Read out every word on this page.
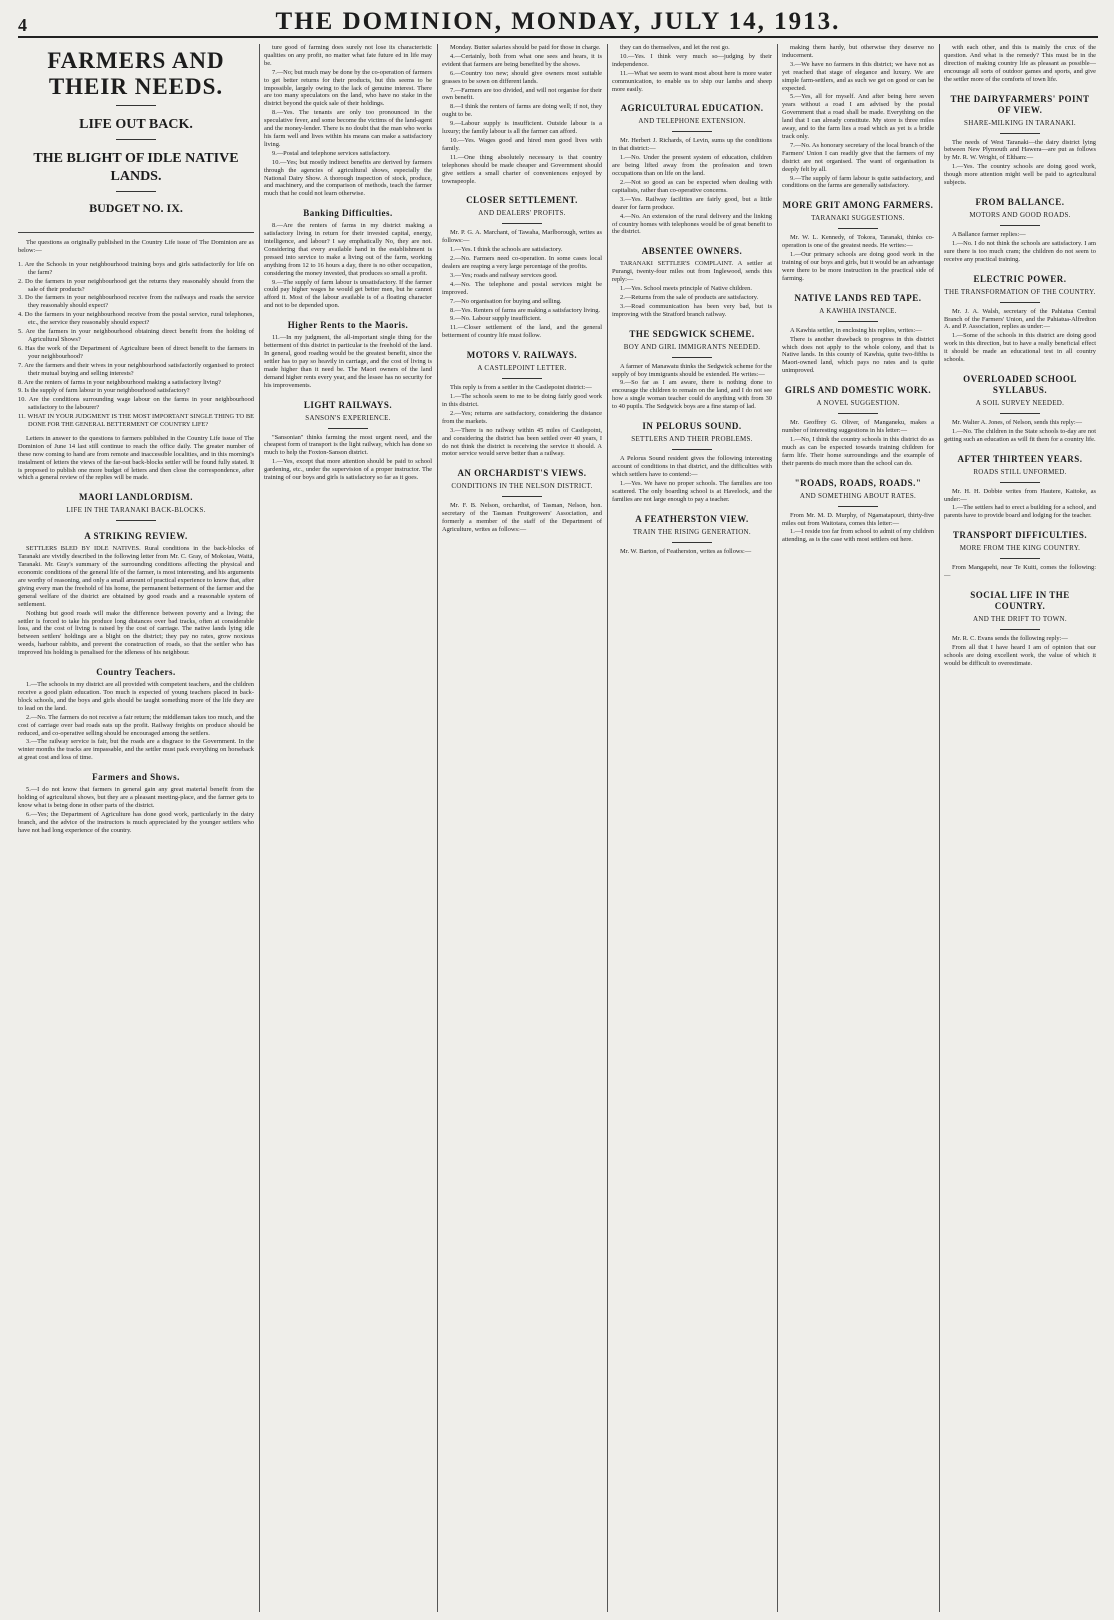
4	THE DOMINION, MONDAY, JULY 14, 1913.
FARMERS AND THEIR NEEDS.
LIFE OUT BACK.
THE BLIGHT OF IDLE NATIVE LANDS.
BUDGET NO. IX.

The questions as originally published in the Country Life issue of The Dominion are as below:—

1. Are the Schools in your neighbourhood training boys and girls satisfactorily for life on the farm?
2. Do the farmers in your neighbourhood get the returns they reasonably should from the sale of their products?
3. Do the farmers in your neighbourhood receive from the railways and roads the service they reasonably should expect?
4. Do the farmers in your neighbourhood receive from the postal service, rural telephones, etc., the service they reasonably should expect?
5. Are the farmers in your neighbourhood obtaining direct benefit from the holding of Agricultural Shows?
6. Has the work of the Department of Agriculture been of direct benefit to the farmers in your neighbourhood?
7. Are the farmers and their wives in your neighbourhood satisfactorily organised to protect their mutual buying and selling interests?
8. Are the renters of farms in your neighbourhood making a satisfactory living?
9. Is the supply of farm labour in your neighbourhood satisfactory?
10. Are the conditions surrounding wage labour on the farms in your neighbourhood satisfactory to the labourer?
11. WHAT IN YOUR JUDGMENT IS THE MOST IMPORTANT SINGLE THING TO BE DONE FOR THE GENERAL BETTERMENT OF COUNTRY LIFE?

Letters in answer to the questions to farmers published in the Country Life issue of The Dominion of June 14 last still continue to reach the office daily. The greater number of these now coming to hand are from remote and inaccessible localities, and in this morning's instalment of letters the views of the far-out back-blocks settler will be found fully stated. It is proposed to publish one more budget of letters and then close the correspondence, after which a general review of the replies will be made.

MAORI LANDLORDISM.
LIFE IN THE TARANAKI BACK-BLOCKS.
A STRIKING REVIEW.

SETTLERS BLED BY IDLE NATIVES. Rural conditions in the back-blocks of Taranaki are vividly described in the following letter from Mr. C. Gray, of Mokoiau, Waitā, Taranaki. Mr. Gray's summary of the surrounding conditions affecting the physical and economic conditions of the general life of the farmer, is most interesting, and his arguments are worthy of reasoning, and only a small amount of practical experience to know that, after giving every man the freehold of his home, the permanent betterment of the farmer and the general welfare of the district are obtained by good roads and a reasonable system of settlement.

Nothing but good roads will make the difference between poverty and a living; the settler is forced to take his produce long distances over bad tracks, often at considerable loss, and the cost of living is raised by the cost of carriage. The native lands lying idle between settlers' holdings are a blight on the district; they pay no rates, grow noxious weeds, harbour rabbits, and prevent the construction of roads, so that the settler who has improved his holding is penalised for the idleness of his neighbour.

Country Teachers.

1.—The schools in my district are all provided with competent teachers, and the children receive a good plain education. Too much is expected of young teachers placed in back-block schools, and the boys and girls should be taught something more of the life they are to lead on the land.

2.—No. The farmers do not receive a fair return; the middleman takes too much, and the cost of carriage over bad roads eats up the profit. Railway freights on produce should be reduced, and co-operative selling should be encouraged among the settlers.

3.—The railway service is fair, but the roads are a disgrace to the Government. In the winter months the tracks are impassable, and the settler must pack everything on horseback at great cost and loss of time.

Farmers and Shows.

5.—I do not know that farmers in general gain any great material benefit from the holding of agricultural shows, but they are a pleasant meeting-place, and the farmer gets to know what is being done in other parts of the district.

6.—Yes; the Department of Agriculture has done good work, particularly in the dairy branch, and the advice of the instructors is much appreciated by the younger settlers who have not had long experience of the country.

ture good of farming does surely not lose its characteristic qualities on any profit, no matter what fate future ed in life may be.

7.—No; but much may be done by the co-operation of farmers to get better returns for their products, but this seems to be impossible, largely owing to the lack of genuine interest. There are too many speculators on the land, who have no stake in the district beyond the quick sale of their holdings.

8.—Yes. The tenants are only too pronounced in the speculative fever, and some become the victims of the land-agent and the money-lender. There is no doubt that the man who works his farm well and lives within his means can make a satisfactory living.

9.—Postal and telephone services satisfactory.

10.—Yes; but mostly indirect benefits are derived by farmers through the agencies of agricultural shows, especially the National Dairy Show. A thorough inspection of stock, produce, and machinery, and the comparison of methods, teach the farmer much that he could not learn otherwise.

Banking Difficulties.

8.—Are the renters of farms in my district making a satisfactory living in return for their invested capital, energy, intelligence, and labour? I say emphatically No, they are not. Considering that every available hand in the establishment is pressed into service to make a living out of the farm, working anything from 12 to 16 hours a day, there is no other occupation, considering the money invested, that produces so small a profit.

9.—The supply of farm labour is unsatisfactory. If the farmer could pay higher wages he would get better men, but he cannot afford it. Most of the labour available is of a floating character and not to be depended upon.

Higher Rents to the Maoris.

11.—In my judgment, the all-important single thing for the betterment of this district in particular is the freehold of the land. In general, good roading would be the greatest benefit, since the settler has to pay so heavily in carriage, and the cost of living is made higher than it need be. The Maori owners of the land demand higher rents every year, and the lessee has no security for his improvements.

LIGHT RAILWAYS.
SANSON'S EXPERIENCE.

"Sansonian" thinks farming the most urgent need, and the cheapest form of transport is the light railway, which has done so much to help the Foxton-Sanson district.

1.—Yes, except that more attention should be paid to school gardening, etc., under the supervision of a proper instructor. The training of our boys and girls is satisfactory so far as it goes.

Monday. Butter salaries should be paid for those in charge.

4.—Certainly, both from what one sees and hears, it is evident that farmers are being benefited by the shows.

6.—Country too new; should give owners most suitable grasses to be sown on different lands.

7.—Farmers are too divided, and will not organise for their own benefit.

8.—I think the renters of farms are doing well; if not, they ought to be.

9.—Labour supply is insufficient. Outside labour is a luxury; the family labour is all the farmer can afford.

10.—Yes. Wages good and hired men good lives with family.

11.—One thing absolutely necessary is that country telephones should be made cheaper and Government should give settlers a small charter of conveniences enjoyed by townspeople.

CLOSER SETTLEMENT.
AND DEALERS' PROFITS.

Mr. P. G. A. Marchant, of Tawaha, Marlborough, writes as follows:—

1.—Yes. I think the schools are satisfactory.

2.—No. Farmers need co-operation. In some cases local dealers are reaping a very large percentage of the profits.

3.—Yes; roads and railway services good.

4.—No. The telephone and postal services might be improved.

7.—No organisation for buying and selling.

8.—Yes. Renters of farms are making a satisfactory living.

9.—No. Labour supply insufficient.

11.—Closer settlement of the land, and the general betterment of country life must follow.

MOTORS V. RAILWAYS.
A CASTLEPOINT LETTER.

This reply is from a settler in the Castlepoint district:—

1.—The schools seem to me to be doing fairly good work in this district.

2.—Yes; returns are satisfactory, considering the distance from the markets.

3.—There is no railway within 45 miles of Castlepoint, and considering the district has been settled over 40 years, I do not think the district is receiving the service it should. A motor service would serve better than a railway.

AN ORCHARDIST'S VIEWS.
CONDITIONS IN THE NELSON DISTRICT.

Mr. F. B. Nelson, orchardist, of Tasman, Nelson, hon. secretary of the Tasman Fruitgrowers' Association, and formerly a member of the staff of the Department of Agriculture, writes as follows:—

they can do themselves, and let the rest go.

10.—Yes. I think very much so—judging by their independence.

11.—What we seem to want most about here is more water communication, to enable us to ship our lambs and sheep more easily.

AGRICULTURAL EDUCATION.
AND TELEPHONE EXTENSION.

Mr. Herbert J. Richards, of Levin, sums up the conditions in that district:—

1.—No. Under the present system of education, children are being lifted away from the profession and town occupations than on life on the land.

2.—Not so good as can be expected when dealing with capitalists, rather than co-operative concerns.

3.—Yes. Railway facilities are fairly good, but a little dearer for farm produce.

4.—No. An extension of the rural delivery and the linking of country homes with telephones would be of great benefit to the district.

ABSENTEE OWNERS.

TARANAKI SETTLER'S COMPLAINT. A settler at Purangi, twenty-four miles out from Inglewood, sends this reply:—

1.—Yes. School meets principle of Native children.

2.—Returns from the sale of products are satisfactory.

3.—Road communication has been very bad, but is improving with the Stratford branch railway.

THE SEDGWICK SCHEME.
BOY AND GIRL IMMIGRANTS NEEDED.

A farmer of Manawatu thinks the Sedgwick scheme for the supply of boy immigrants should be extended. He writes:—

9.—So far as I am aware, there is nothing done to encourage the children to remain on the land, and I do not see how a single woman teacher could do anything with from 30 to 40 pupils. The Sedgwick boys are a fine stamp of lad.

IN PELORUS SOUND.
SETTLERS AND THEIR PROBLEMS.

A Pelorus Sound resident gives the following interesting account of conditions in that district, and the difficulties with which settlers have to contend:—

1.—Yes. We have no proper schools. The families are too scattered. The only boarding school is at Havelock, and the families are not large enough to pay a teacher.

A FEATHERSTON VIEW.
TRAIN THE RISING GENERATION.

Mr. W. Barton, of Featherston, writes as follows:—

making them hardy, but otherwise they deserve no inducement.

3.—We have no farmers in this district; we have not as yet reached that stage of elegance and luxury. We are simple farm-settlers, and as such we get on good or can be expected.

5.—Yes, all for myself. And after being here seven years without a road I am advised by the postal Government that a road shall be made. Everything on the land that I can already constitute. My store is three miles away, and to the farm lies a road which as yet is a bridle track only.

7.—No. As honorary secretary of the local branch of the Farmers' Union I can readily give that the farmers of my district are not organised. The want of organisation is deeply felt by all.

9.—The supply of farm labour is quite satisfactory, and conditions on the farms are generally satisfactory.

MORE GRIT AMONG FARMERS.
TARANAKI SUGGESTIONS.

Mr. W. L. Kennedy, of Tokora, Taranaki, thinks co-operation is one of the greatest needs. He writes:—

1.—Our primary schools are doing good work in the training of our boys and girls, but it would be an advantage were there to be more instruction in the practical side of farming.

NATIVE LANDS RED TAPE.
A KAWHIA INSTANCE.

A Kawhia settler, in enclosing his replies, writes:—

There is another drawback to progress in this district which does not apply to the whole colony, and that is Native lands. In this county of Kawhia, quite two-fifths is Maori-owned land, which pays no rates and is quite unimproved.

GIRLS AND DOMESTIC WORK.
A NOVEL SUGGESTION.

Mr. Geoffrey G. Oliver, of Manganeku, makes a number of interesting suggestions in his letter:—

1.—No, I think the country schools in this district do as much as can be expected towards training children for farm life. Their home surroundings and the example of their parents do much more than the school can do.

"ROADS, ROADS, ROADS."
AND SOMETHING ABOUT RATES.

From Mr. M. D. Murphy, of Ngamatapouri, thirty-five miles out from Waitotara, comes this letter:—

1.—I reside too far from school to admit of my children attending, as is the case with most settlers out here.

with each other, and this is mainly the crux of the question. And what is the remedy? This must be in the direction of making country life as pleasant as possible—encourage all sorts of outdoor games and sports, and give the settler more of the comforts of town life.

THE DAIRYFARMERS' POINT OF VIEW.
SHARE-MILKING IN TARANAKI.

The needs of West Taranaki—the dairy district lying between New Plymouth and Hawera—are put as follows by Mr. R. W. Wright, of Eltham:—

1.—Yes. The country schools are doing good work, though more attention might well be paid to agricultural subjects.

FROM BALLANCE.
MOTORS AND GOOD ROADS.

A Ballance farmer replies:—

1.—No. I do not think the schools are satisfactory. I am sure there is too much cram; the children do not seem to receive any practical training.

ELECTRIC POWER.
THE TRANSFORMATION OF THE COUNTRY.

Mr. J. A. Walsh, secretary of the Pahiatua Central Branch of the Farmers' Union, and the Pahiatua-Alfredton A. and P. Association, replies as under:—

1.—Some of the schools in this district are doing good work in this direction, but to have a really beneficial effect it should be made an educational test in all country schools.

OVERLOADED SCHOOL SYLLABUS.
A SOIL SURVEY NEEDED.

Mr. Walter A. Jones, of Nelson, sends this reply:—

1.—No. The children in the State schools to-day are not getting such an education as will fit them for a country life.

AFTER THIRTEEN YEARS.
ROADS STILL UNFORMED.

Mr. H. H. Dobbie writes from Hautere, Kaitoke, as under:—

1.—The settlers had to erect a building for a school, and parents have to provide board and lodging for the teacher.

TRANSPORT DIFFICULTIES.
MORE FROM THE KING COUNTRY.

From Mangapehi, near Te Kuiti, comes the following:—

SOCIAL LIFE IN THE COUNTRY.
AND THE DRIFT TO TOWN.

Mr. R. C. Evans sends the following reply:—

From all that I have heard I am of opinion that our schools are doing excellent work, the value of which it would be difficult to overestimate.
